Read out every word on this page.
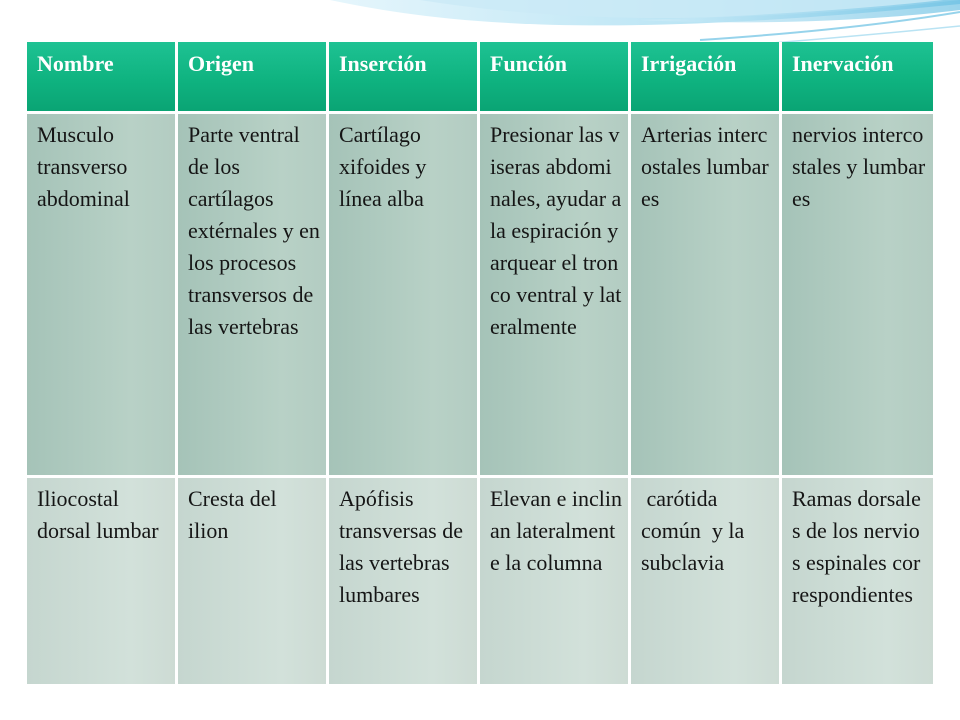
Nombre	Origen	Inserción	Función	Irrigación	Inervación
Musculo transverso abdominal	Parte ventral de los cartílagos extérnales y en los procesos transversos de las vertebras	Cartílago xifoides y línea alba	Presionar las viseras abdominales, ayudar a la espiración y arquear el tronco ventral y lateralmente	Arterias intercostales lumbares	nervios intercostales y lumbares
Iliocostal dorsal lumbar	Cresta del ilion	Apófisis transversas de las vertebras lumbares	Elevan e inclinan lateralmente la columna	carótida común  y la subclavia	Ramas dorsales de los nervios espinales correspondientes
